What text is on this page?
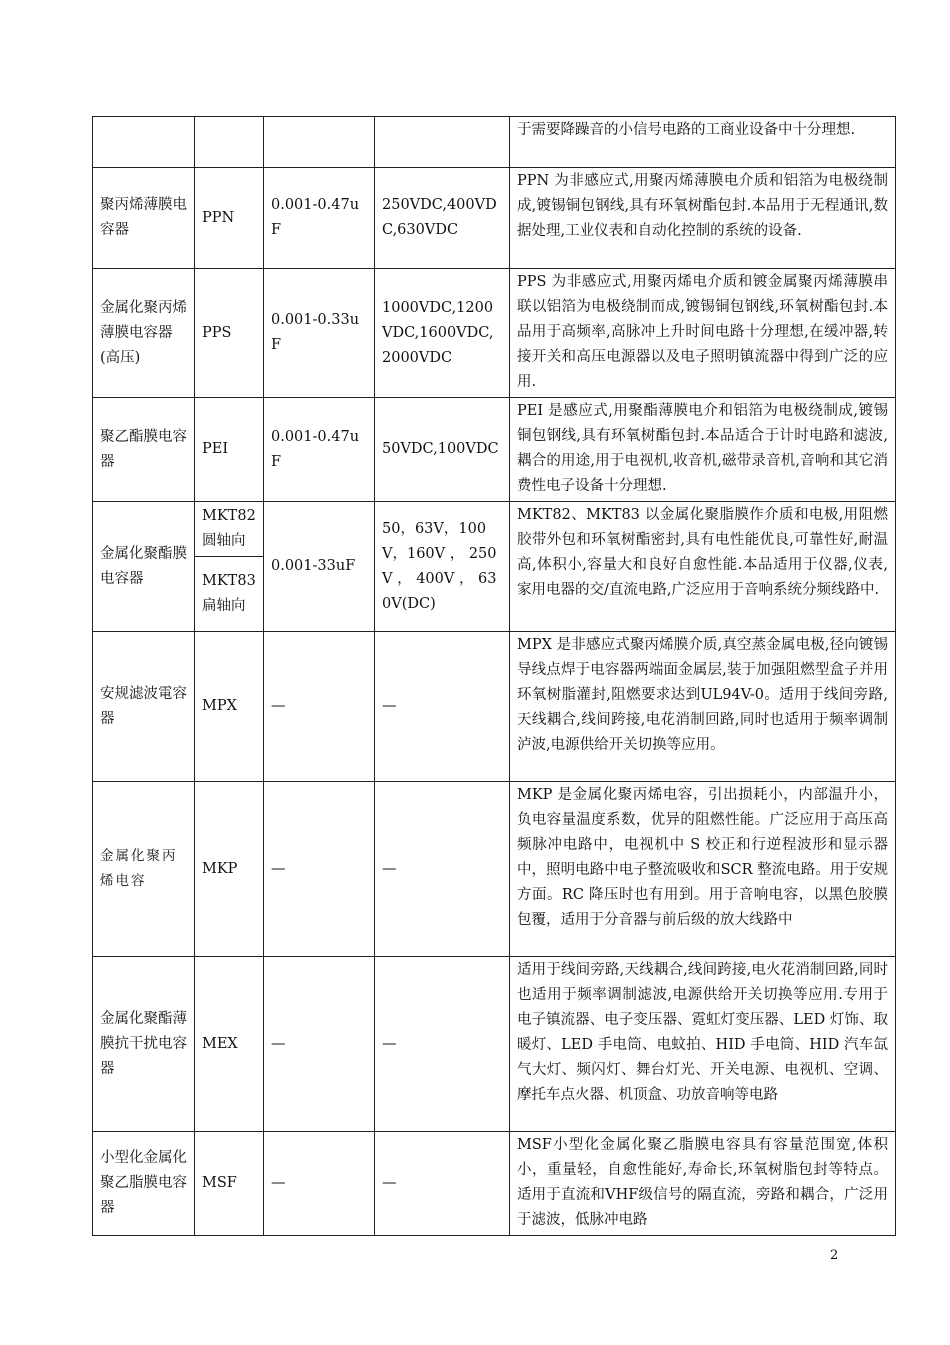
				于需要降躁音的小信号电路的工商业设备中十分理想.
聚丙烯薄膜电容器	PPN	0.001-0.47uF	250VDC,400VDC,630VDC	PPN 为非感应式,用聚丙烯薄膜电介质和铝箔为电极绕制成,镀锡铜包钢线,具有环氧树酯包封.本品用于无程通讯,数据处理,工业仪表和自动化控制的系统的设备.
金属化聚丙烯薄膜电容器(高压)	PPS	0.001-0.33uF	1000VDC,1200VDC,1600VDC,2000VDC	PPS 为非感应式,用聚丙烯电介质和镀金属聚丙烯薄膜串联以铝箔为电极绕制而成,镀锡铜包钢线,环氧树酯包封.本品用于高频率,高脉冲上升时间电路十分理想,在缓冲器,转接开关和高压电源器以及电子照明镇流器中得到广泛的应用.
聚乙酯膜电容器	PEI	0.001-0.47uF	50VDC,100VDC	PEI 是感应式,用聚酯薄膜电介和铝箔为电极绕制成,镀锡铜包钢线,具有环氧树酯包封.本品适合于计时电路和滤波,耦合的用途,用于电视机,收音机,磁带录音机,音响和其它消费性电子设备十分理想.
金属化聚酯膜电容器	MKT82圆轴向	0.001-33uF	50，63V，100V，160V ， 250V ， 400V ， 630V(DC)	MKT82、MKT83 以金属化聚脂膜作介质和电极,用阻燃胶带外包和环氧树酯密封,具有电性能优良,可靠性好,耐温高,体积小,容量大和良好自愈性能.本品适用于仪器,仪表,家用电器的交/直流电路,广泛应用于音响系统分频线路中.
	MKT83扁轴向			
安规滤波電容器	MPX	—	—	MPX 是非感应式聚丙烯膜介质,真空蒸金属电极,径向镀锡导线点焊于电容器两端面金属层,装于加强阻燃型盒子并用环氧树脂灌封,阻燃要求达到UL94V-0。适用于线间旁路,天线耦合,线间跨接,电花消制回路,同时也适用于频率调制泸波,电源供给开关切换等应用。
金属化聚丙烯电容	MKP	—	—	MKP 是金属化聚丙烯电容，引出损耗小，内部温升小，负电容量温度系数，优异的阻燃性能。广泛应用于高压高频脉冲电路中，电视机中 S 校正和行逆程波形和显示器中，照明电路中电子整流吸收和SCR 整流电路。用于安规方面。RC 降压时也有用到。用于音响电容，以黑色胶膜包覆，适用于分音器与前后级的放大线路中
金属化聚酯薄膜抗干扰电容器	MEX	—	—	适用于线间旁路,天线耦合,线间跨接,电火花消制回路,同时也适用于频率调制滤波,电源供给开关切换等应用.专用于电子镇流器、电子变压器、霓虹灯变压器、LED 灯饰、取暖灯、LED 手电筒、电蚊拍、HID 手电筒、HID 汽车氙气大灯、频闪灯、舞台灯光、开关电源、电视机、空调、摩托车点火器、机顶盒、功放音响等电路
小型化金属化聚乙脂膜电容器	MSF	—	—	MSF小型化金属化聚乙脂膜电容具有容量范围宽,体积小，重量轻，自愈性能好,寿命长,环氧树脂包封等特点。适用于直流和VHF级信号的隔直流，旁路和耦合，广泛用于滤波，低脉冲电路
2
